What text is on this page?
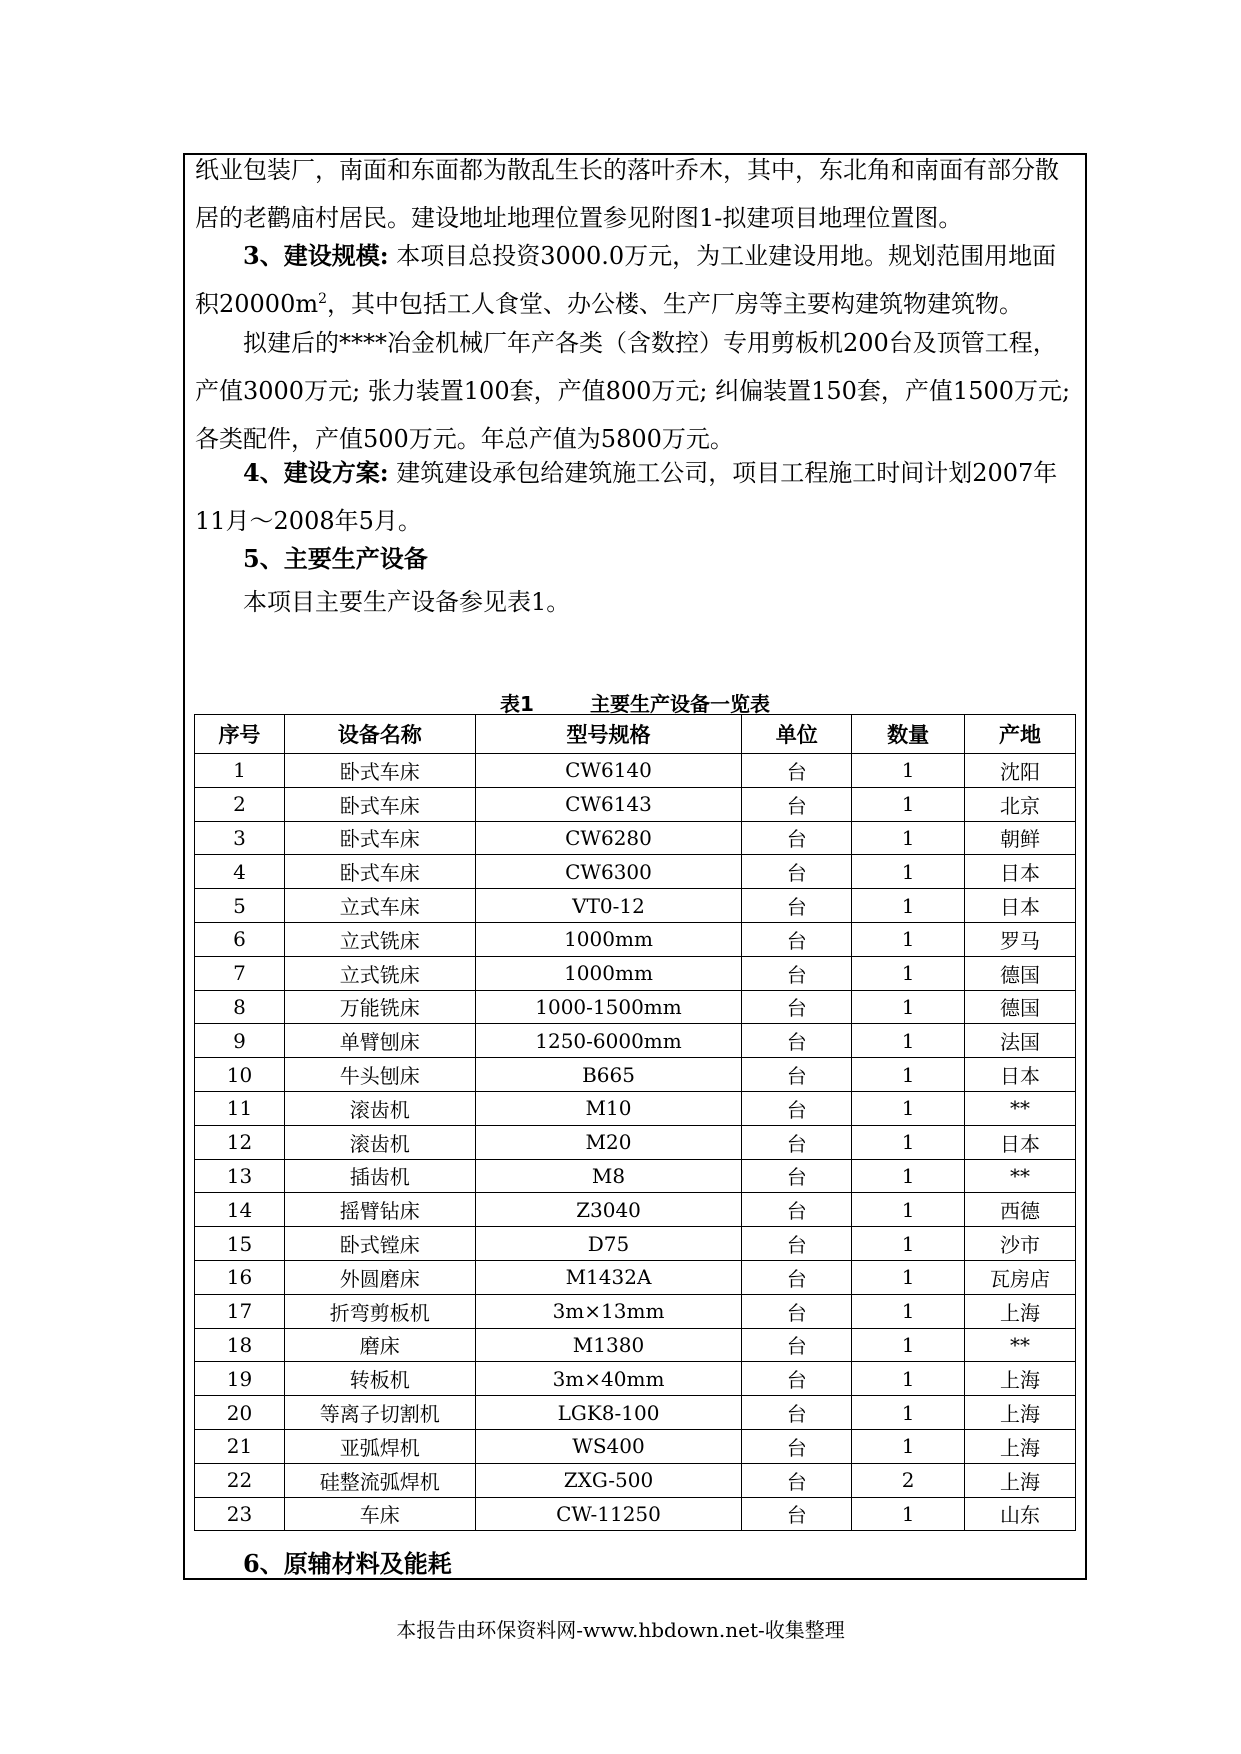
纸业包装厂，南面和东面都为散乱生长的落叶乔木，其中，东北角和南面有部分散居的老鹳庙村居民。建设地址地理位置参见附图1-拟建项目地理位置图。

3、建设规模: 本项目总投资3000.0万元，为工业建设用地。规划范围用地面积$20000m^2$，其中包括工人食堂、办公楼、生产厂房等主要构建筑物建筑物。

拟建后的****冶金机械厂年产各类（含数控）专用剪板机200台及顶管工程，产值3000万元; 张力装置100套，产值800万元; 纠偏装置150套，产值1500万元; 各类配件，产值500万元。年总产值为5800万元。

4、建设方案: 建筑建设承包给建筑施工公司，项目工程施工时间计划2007年11月～2008年5月。

5、主要生产设备

本项目主要生产设备参见表1。

表1	主要生产设备一览表
序号	设备名称	型号规格	单位	数量	产地
1	卧式车床	CW6140	台	1	沈阳
2	卧式车床	CW6143	台	1	北京
3	卧式车床	CW6280	台	1	朝鲜
4	卧式车床	CW6300	台	1	日本
5	立式车床	VT0-12	台	1	日本
6	立式铣床	1000mm	台	1	罗马
7	立式铣床	1000mm	台	1	德国
8	万能铣床	1000-1500mm	台	1	德国
9	单臂刨床	1250-6000mm	台	1	法国
10	牛头刨床	B665	台	1	日本
11	滚齿机	M10	台	1	**
12	滚齿机	M20	台	1	日本
13	插齿机	M8	台	1	**
14	摇臂钻床	Z3040	台	1	西德
15	卧式镗床	D75	台	1	沙市
16	外圆磨床	M1432A	台	1	瓦房店
17	折弯剪板机	3m×13mm	台	1	上海
18	磨床	M1380	台	1	**
19	转板机	3m×40mm	台	1	上海
20	等离子切割机	LGK8-100	台	1	上海
21	亚弧焊机	WS400	台	1	上海
22	硅整流弧焊机	ZXG-500	台	2	上海
23	车床	CW-11250	台	1	山东

6、原辅材料及能耗

本报告由环保资料网-www.hbdown.net-收集整理
